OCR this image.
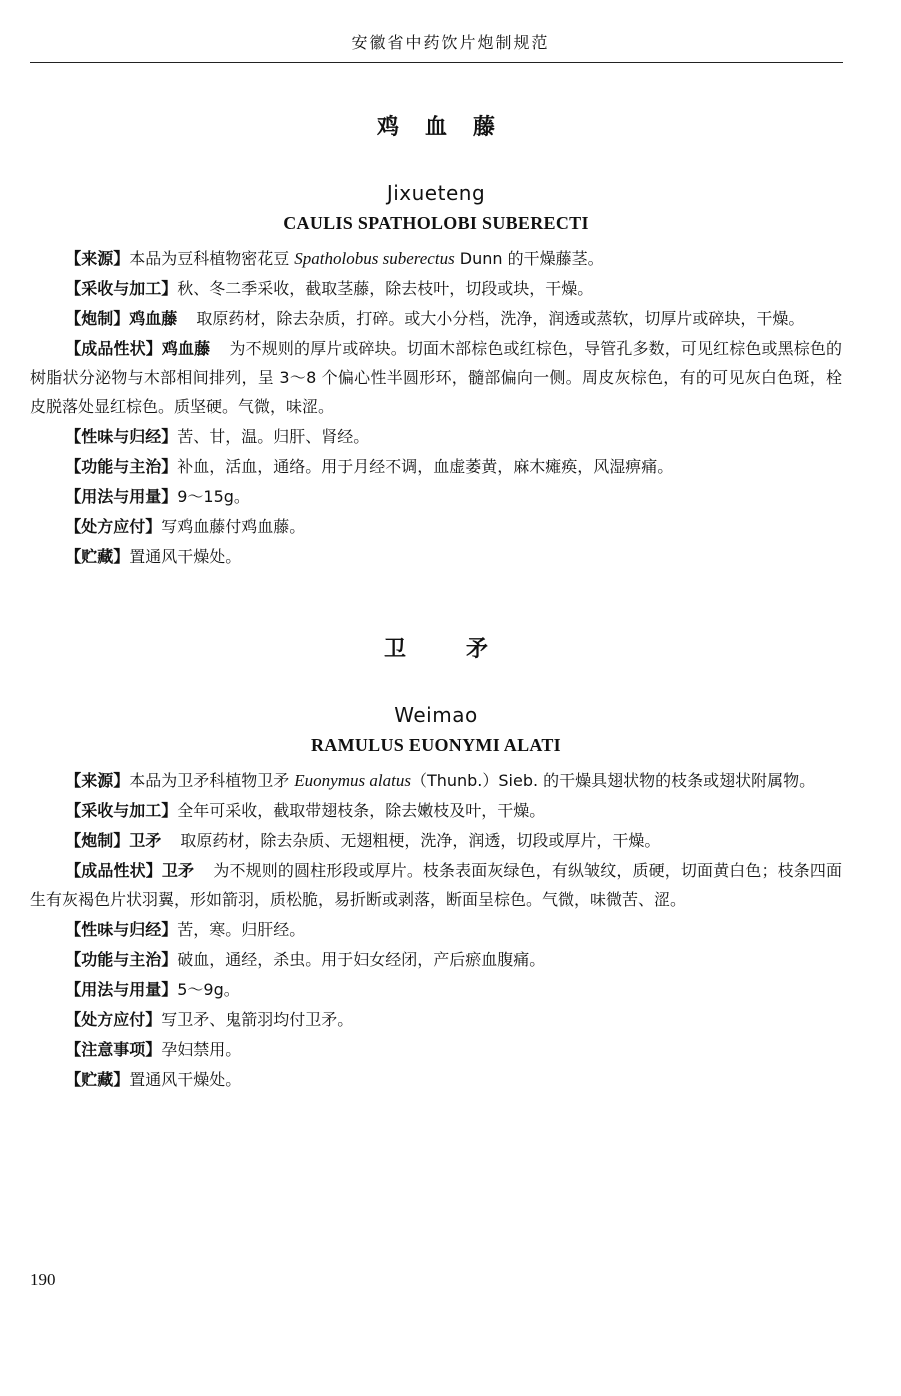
安徽省中药饮片炮制规范
鸡血藤
Jixueteng
CAULIS SPATHOLOBI SUBERECTI

【来源】本品为豆科植物密花豆 Spatholobus suberectus Dunn 的干燥藤茎。

【采收与加工】秋、冬二季采收，截取茎藤，除去枝叶，切段或块，干燥。

【炮制】鸡血藤 取原药材，除去杂质，打碎。或大小分档，洗净，润透或蒸软，切厚片或碎块，干燥。

【成品性状】鸡血藤 为不规则的厚片或碎块。切面木部棕色或红棕色，导管孔多数，可见红棕色或黑棕色的树脂状分泌物与木部相间排列，呈 3～8 个偏心性半圆形环，髓部偏向一侧。周皮灰棕色，有的可见灰白色斑，栓皮脱落处显红棕色。质坚硬。气微，味涩。

【性味与归经】苦、甘，温。归肝、肾经。

【功能与主治】补血，活血，通络。用于月经不调，血虚萎黄，麻木瘫痪，风湿痹痛。

【用法与用量】9～15g。

【处方应付】写鸡血藤付鸡血藤。

【贮藏】置通风干燥处。

卫矛
Weimao
RAMULUS EUONYMI ALATI

【来源】本品为卫矛科植物卫矛 Euonymus alatus（Thunb.）Sieb. 的干燥具翅状物的枝条或翅状附属物。

【采收与加工】全年可采收，截取带翅枝条，除去嫩枝及叶，干燥。

【炮制】卫矛 取原药材，除去杂质、无翅粗梗，洗净，润透，切段或厚片，干燥。

【成品性状】卫矛 为不规则的圆柱形段或厚片。枝条表面灰绿色，有纵皱纹，质硬，切面黄白色；枝条四面生有灰褐色片状羽翼，形如箭羽，质松脆，易折断或剥落，断面呈棕色。气微，味微苦、涩。

【性味与归经】苦，寒。归肝经。

【功能与主治】破血，通经，杀虫。用于妇女经闭，产后瘀血腹痛。

【用法与用量】5～9g。

【处方应付】写卫矛、鬼箭羽均付卫矛。

【注意事项】孕妇禁用。

【贮藏】置通风干燥处。

190
